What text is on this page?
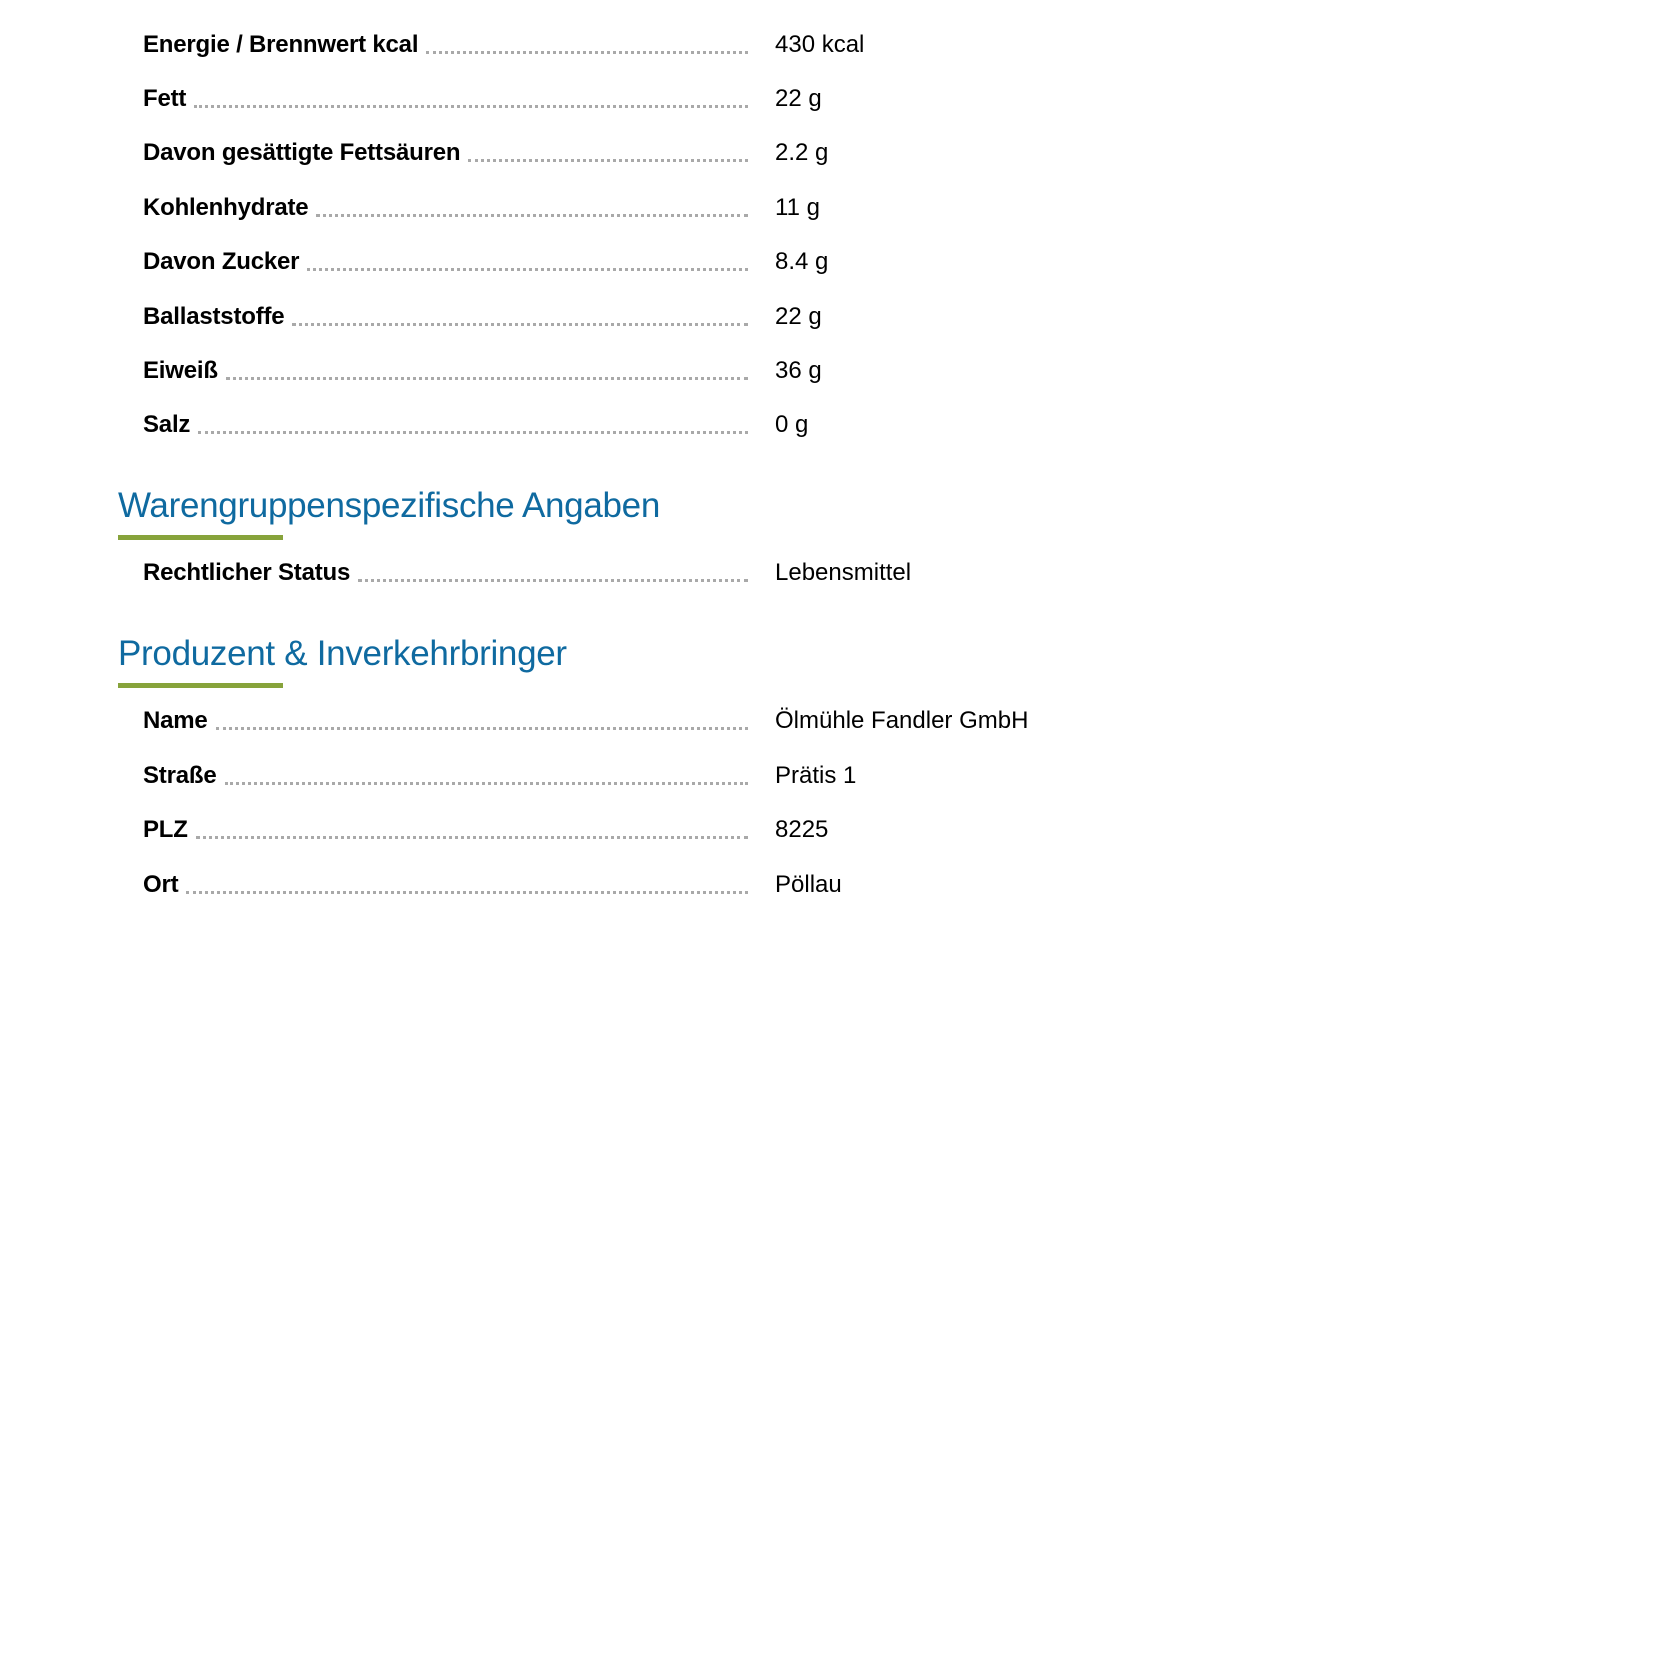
Energie / Brennwert kcal	430 kcal
Fett	22 g
Davon gesättigte Fettsäuren	2.2 g
Kohlenhydrate	11 g
Davon Zucker	8.4 g
Ballaststoffe	22 g
Eiweiß	36 g
Salz	0 g
Warengruppenspezifische Angaben
Rechtlicher Status	Lebensmittel
Produzent & Inverkehrbringer
Name	Ölmühle Fandler GmbH
Straße	Prätis 1
PLZ	8225
Ort	Pöllau
